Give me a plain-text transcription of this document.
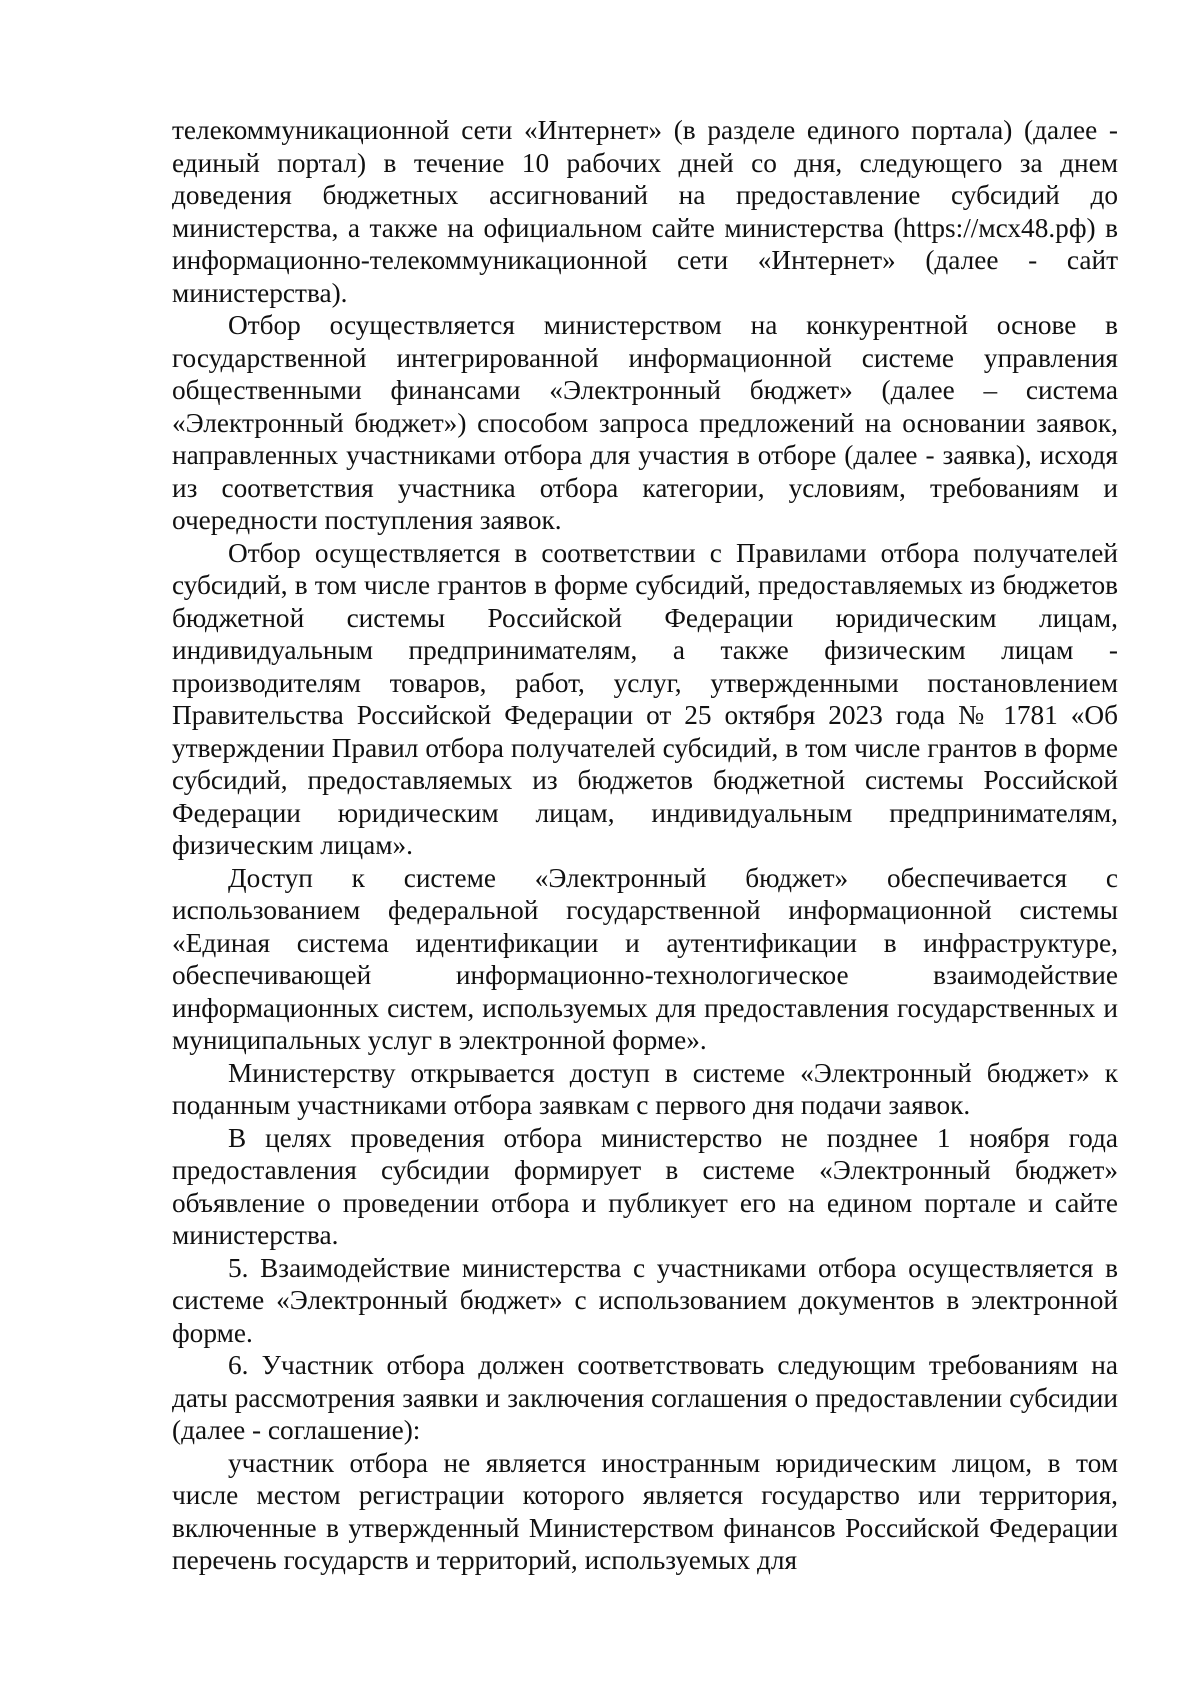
телекоммуникационной сети «Интернет» (в разделе единого портала) (далее - единый портал) в течение 10 рабочих дней со дня, следующего за днем доведения бюджетных ассигнований на предоставление субсидий до министерства, а также на официальном сайте министерства (https://мсх48.рф) в информационно-телекоммуникационной сети «Интернет» (далее - сайт министерства).

Отбор осуществляется министерством на конкурентной основе в государственной интегрированной информационной системе управления общественными финансами «Электронный бюджет» (далее – система «Электронный бюджет») способом запроса предложений на основании заявок, направленных участниками отбора для участия в отборе (далее - заявка), исходя из соответствия участника отбора категории, условиям, требованиям и очередности поступления заявок.

Отбор осуществляется в соответствии с Правилами отбора получателей субсидий, в том числе грантов в форме субсидий, предоставляемых из бюджетов бюджетной системы Российской Федерации юридическим лицам, индивидуальным предпринимателям, а также физическим лицам - производителям товаров, работ, услуг, утвержденными постановлением Правительства Российской Федерации от 25 октября 2023 года № 1781 «Об утверждении Правил отбора получателей субсидий, в том числе грантов в форме субсидий, предоставляемых из бюджетов бюджетной системы Российской Федерации юридическим лицам, индивидуальным предпринимателям, физическим лицам».

Доступ к системе «Электронный бюджет» обеспечивается с использованием федеральной государственной информационной системы «Единая система идентификации и аутентификации в инфраструктуре, обеспечивающей информационно-технологическое взаимодействие информационных систем, используемых для предоставления государственных и муниципальных услуг в электронной форме».

Министерству открывается доступ в системе «Электронный бюджет» к поданным участниками отбора заявкам с первого дня подачи заявок.

В целях проведения отбора министерство не позднее 1 ноября года предоставления субсидии формирует в системе «Электронный бюджет» объявление о проведении отбора и публикует его на едином портале и сайте министерства.

5. Взаимодействие министерства с участниками отбора осуществляется в системе «Электронный бюджет» с использованием документов в электронной форме.

6. Участник отбора должен соответствовать следующим требованиям на даты рассмотрения заявки и заключения соглашения о предоставлении субсидии (далее - соглашение):

участник отбора не является иностранным юридическим лицом, в том числе местом регистрации которого является государство или территория, включенные в утвержденный Министерством финансов Российской Федерации перечень государств и территорий, используемых для
